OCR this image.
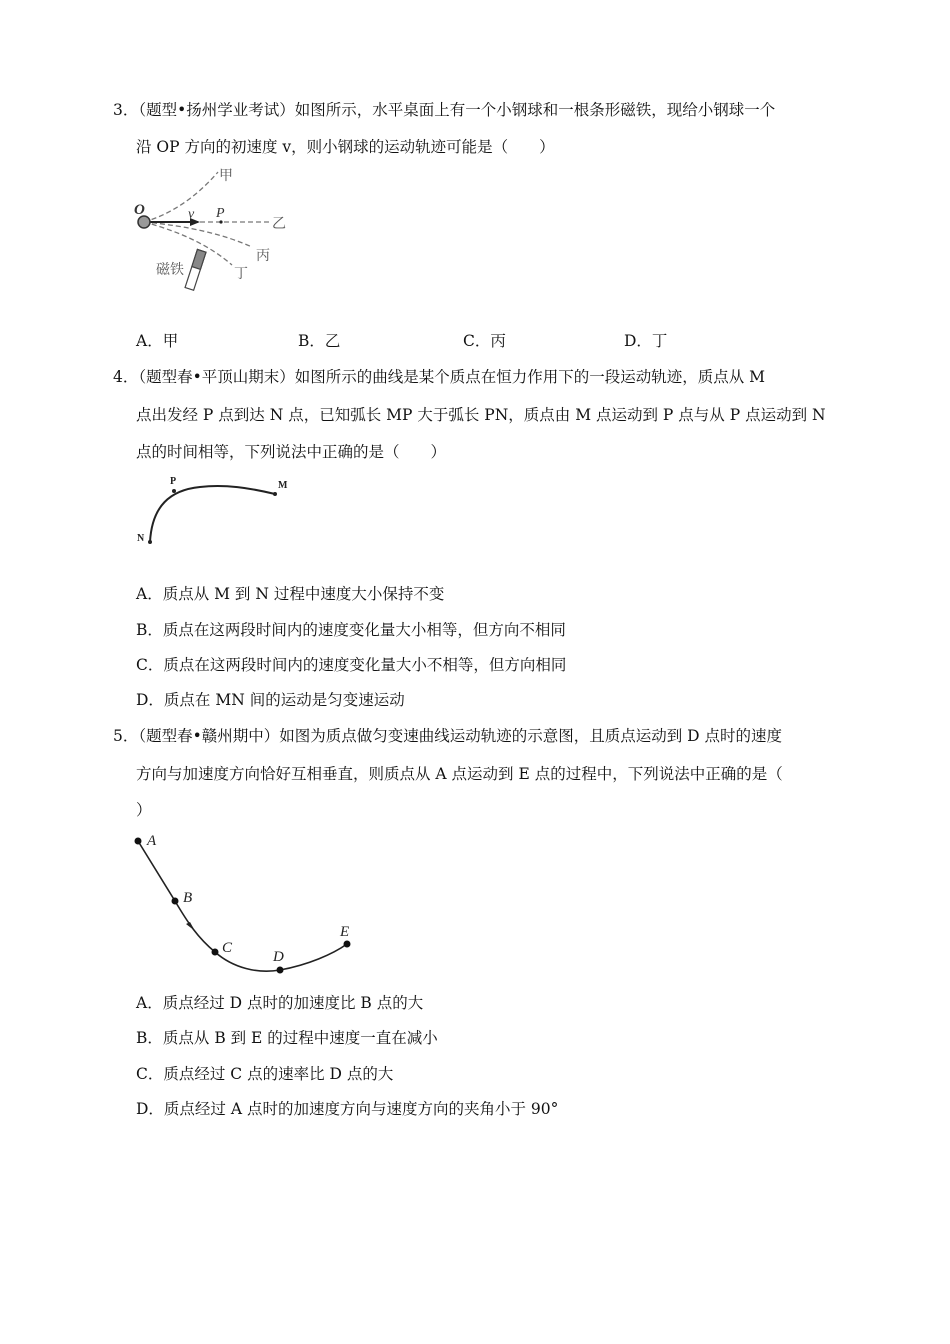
3．（题型•扬州学业考试）如图所示，水平桌面上有一个小钢球和一根条形磁铁，现给小钢球一个
沿 OP 方向的初速度 v，则小钢球的运动轨迹可能是（　　）
O	v P
甲
乙
丙
丁
磁铁
A．甲	B．乙	C．丙	D．丁
4．（题型春•平顶山期末）如图所示的曲线是某个质点在恒力作用下的一段运动轨迹，质点从 M
点出发经 P 点到达 N 点，已知弧长 MP 大于弧长 PN，质点由 M 点运动到 P 点与从 P 点运动到 N
点的时间相等，下列说法中正确的是（　　）
P	M
N
A．质点从 M 到 N 过程中速度大小保持不变
B．质点在这两段时间内的速度变化量大小相等，但方向不相同
C．质点在这两段时间内的速度变化量大小不相等，但方向相同
D．质点在 MN 间的运动是匀变速运动
5．（题型春•赣州期中）如图为质点做匀变速曲线运动轨迹的示意图，且质点运动到 D 点时的速度
方向与加速度方向恰好互相垂直，则质点从 A 点运动到 E 点的过程中，下列说法中正确的是（
）
A
B
C
D
E
A．质点经过 D 点时的加速度比 B 点的大
B．质点从 B 到 E 的过程中速度一直在减小
C．质点经过 C 点的速率比 D 点的大
D．质点经过 A 点时的加速度方向与速度方向的夹角小于 90°
